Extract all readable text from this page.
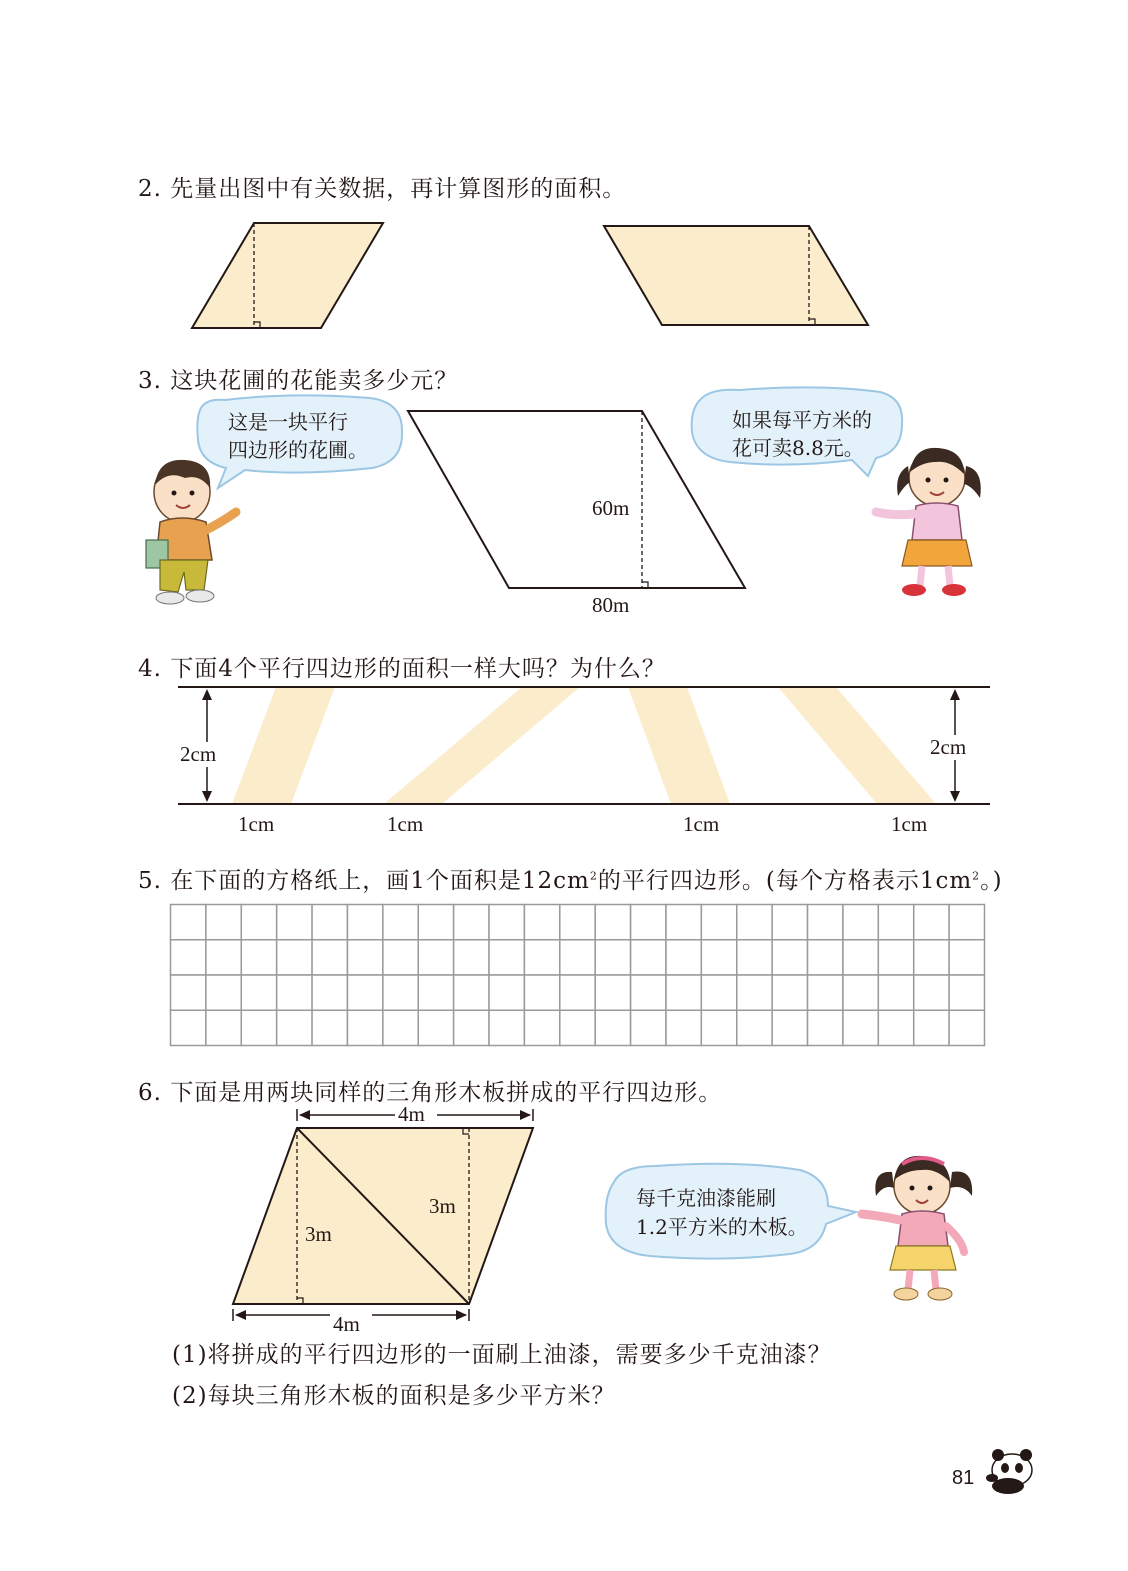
2. 先量出图中有关数据，再计算图形的面积。
3. 这块花圃的花能卖多少元？
60m
80m
这是一块平行
四边形的花圃。
如果每平方米的
花可卖8.8元。
4. 下面4个平行四边形的面积一样大吗？为什么？
2cm	2cm
1cm	1cm	1cm	1cm
5. 在下面的方格纸上，画1个面积是$12cm^2$的平行四边形。(每个方格表示$1cm^2$。)
6. 下面是用两块同样的三角形木板拼成的平行四边形。
4m
4m
3m
3m	每千克油漆能刷
1.2平方米的木板。
(1)将拼成的平行四边形的一面刷上油漆，需要多少千克油漆？
(2)每块三角形木板的面积是多少平方米？
81
